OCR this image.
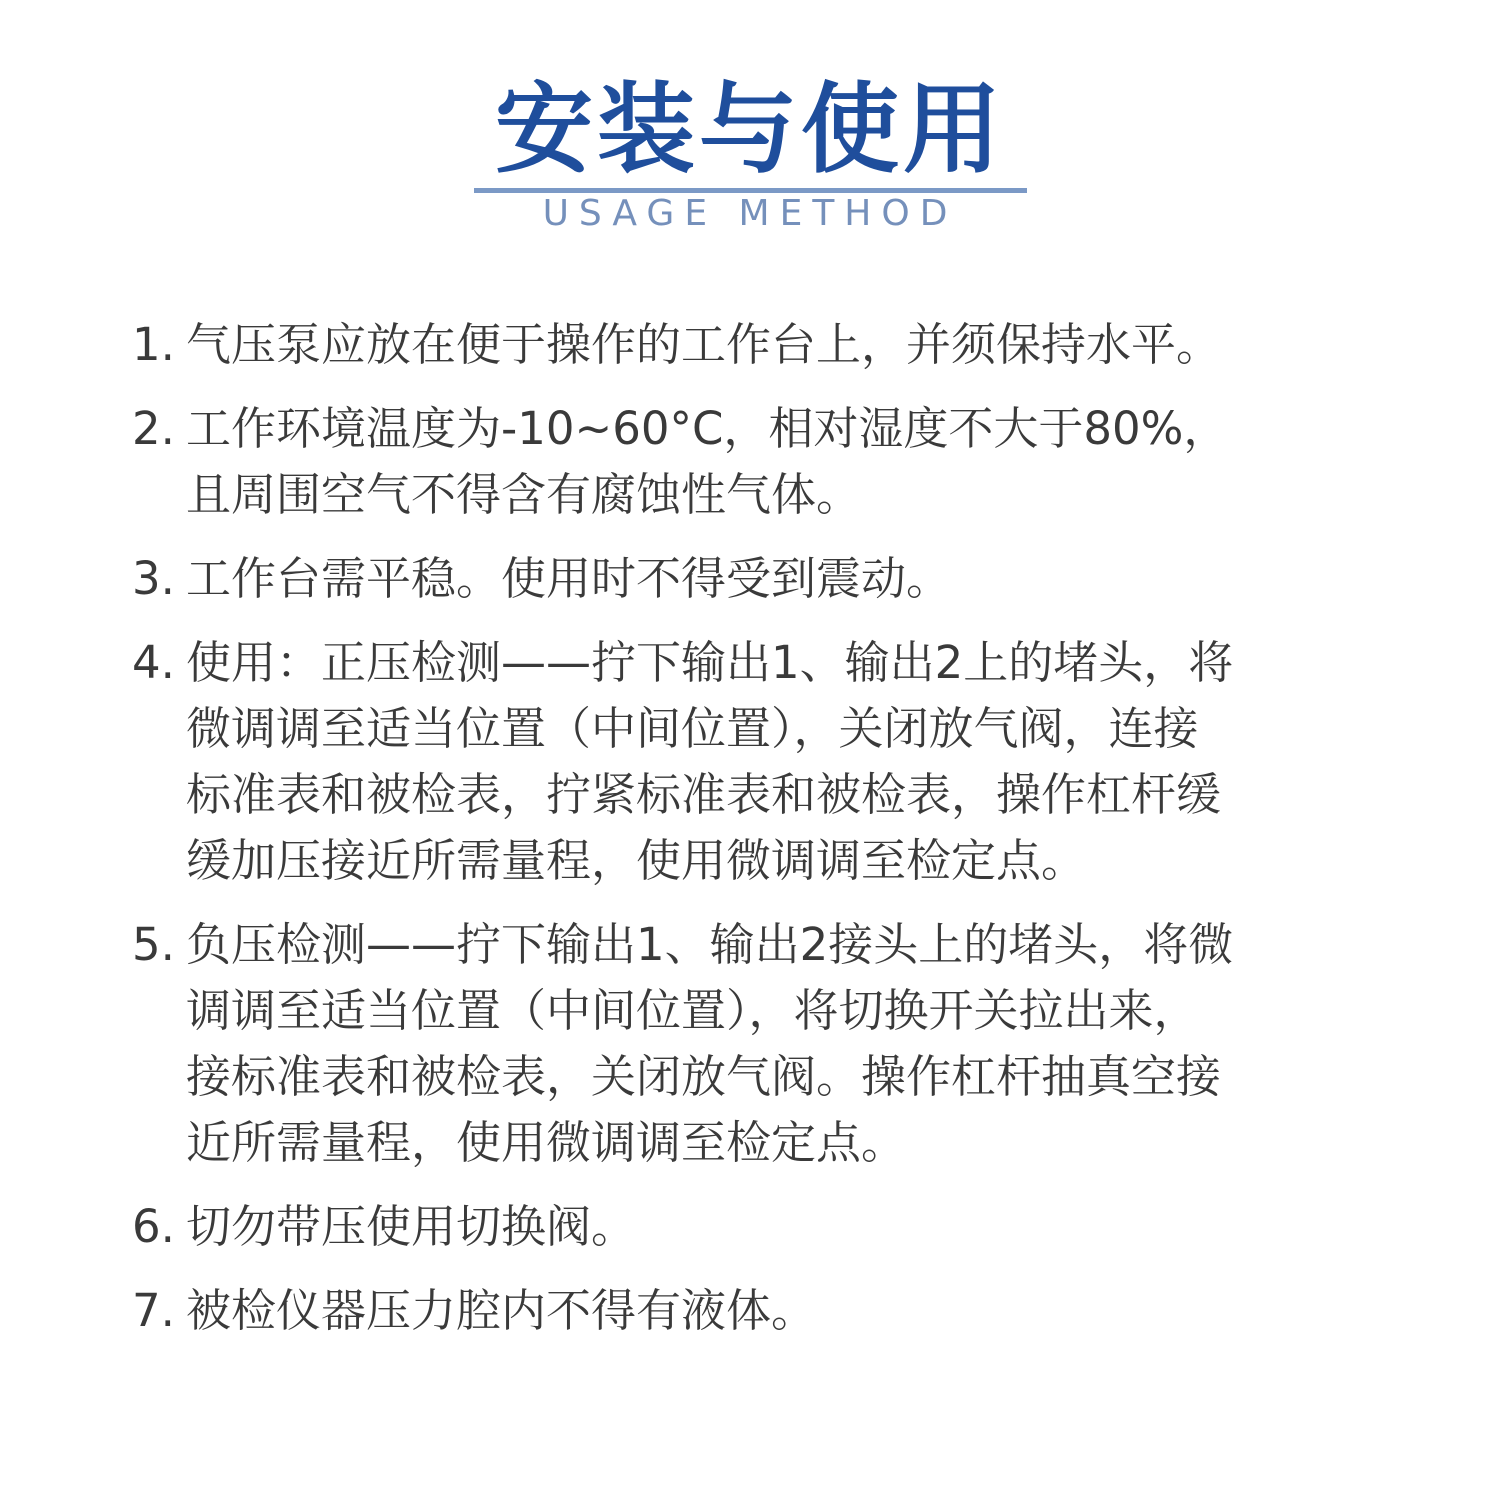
安装与使用
USAGE METHOD
1. 气压泵应放在便于操作的工作台上，并须保持水平。
2. 工作环境温度为-10~60°C，相对湿度不大于80%，
且周围空气不得含有腐蚀性气体。
3. 工作台需平稳。使用时不得受到震动。
4. 使用：正压检测——拧下输出1、输出2上的堵头，将
微调调至适当位置（中间位置），关闭放气阀，连接
标准表和被检表，拧紧标准表和被检表，操作杠杆缓
缓加压接近所需量程，使用微调调至检定点。
5. 负压检测——拧下输出1、输出2接头上的堵头，将微
调调至适当位置（中间位置），将切换开关拉出来，
接标准表和被检表，关闭放气阀。操作杠杆抽真空接
近所需量程，使用微调调至检定点。
6. 切勿带压使用切换阀。
7. 被检仪器压力腔内不得有液体。
